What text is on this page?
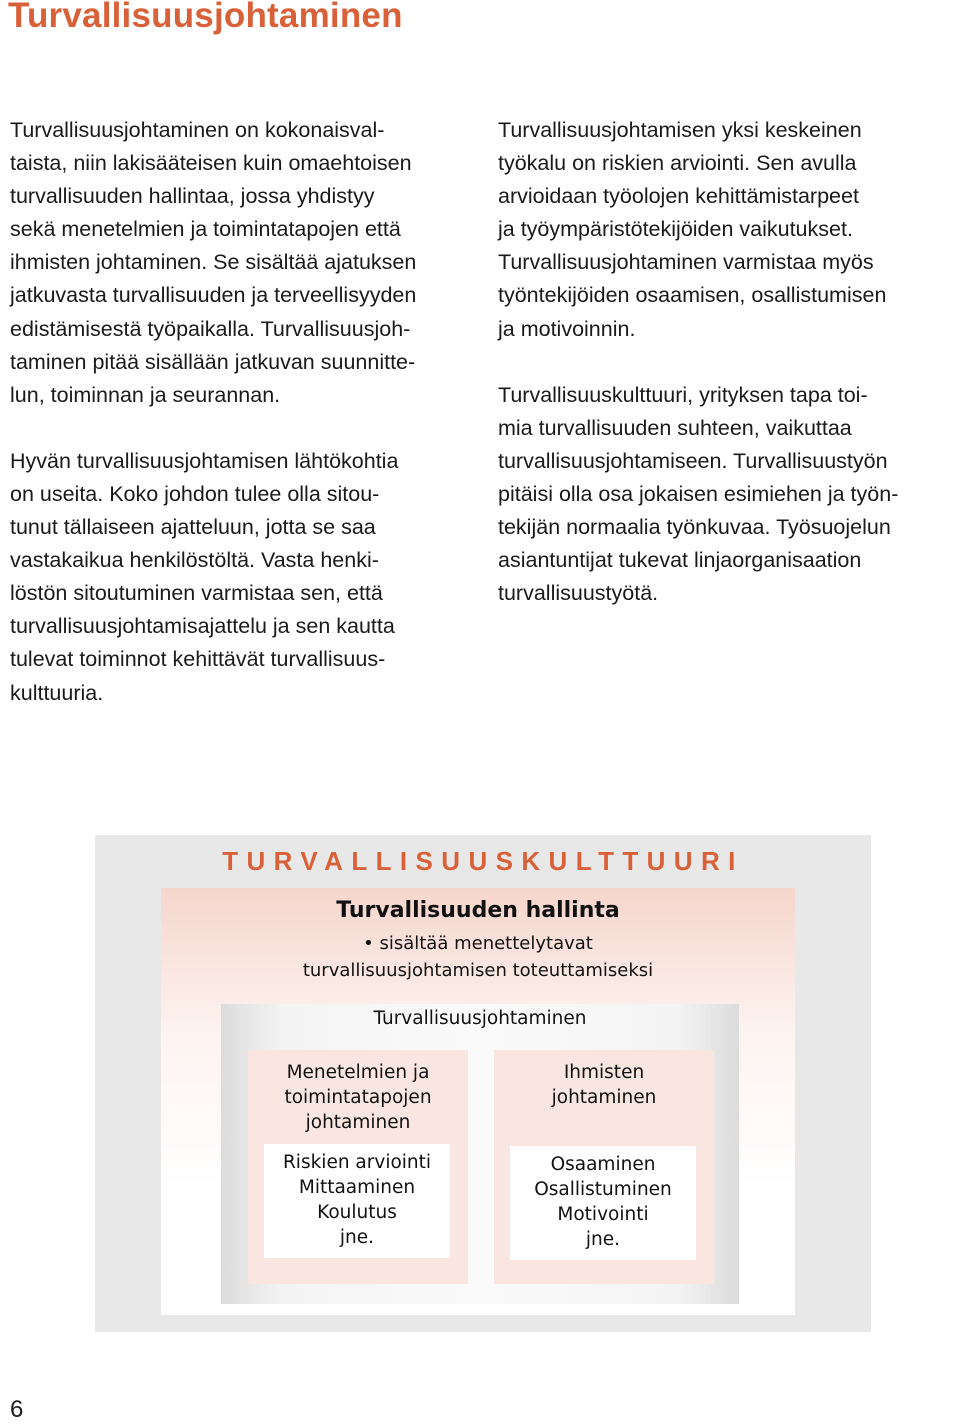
Turvallisuusjohtaminen

Turvallisuusjohtaminen on kokonaisval-
taista, niin lakisääteisen kuin omaehtoisen
turvallisuuden hallintaa, jossa yhdistyy
sekä menetelmien ja toimintatapojen että
ihmisten johtaminen. Se sisältää ajatuksen
jatkuvasta turvallisuuden ja terveellisyyden
edistämisestä työpaikalla. Turvallisuusjoh-
taminen pitää sisällään jatkuvan suunnitte-
lun, toiminnan ja seurannan.

Hyvän turvallisuusjohtamisen lähtökohtia
on useita. Koko johdon tulee olla sitou-
tunut tällaiseen ajatteluun, jotta se saa
vastakaikua henkilöstöltä. Vasta henki-
löstön sitoutuminen varmistaa sen, että
turvallisuusjohtamisajattelu ja sen kautta
tulevat toiminnot kehittävät turvallisuus-
kulttuuria.

Turvallisuusjohtamisen yksi keskeinen
työkalu on riskien arviointi. Sen avulla
arvioidaan työolojen kehittämistarpeet
ja työympäristötekijöiden vaikutukset.
Turvallisuusjohtaminen varmistaa myös
työntekijöiden osaamisen, osallistumisen
ja motivoinnin.

Turvallisuuskulttuuri, yrityksen tapa toi-
mia turvallisuuden suhteen, vaikuttaa
turvallisuusjohtamiseen. Turvallisuustyön
pitäisi olla osa jokaisen esimiehen ja työn-
tekijän normaalia työnkuvaa. Työsuojelun
asiantuntijat tukevat linjaorganisaation
turvallisuustyötä.

TURVALLISUUSKULTTUURI
Turvallisuuden hallinta
• sisältää menettelytavat
turvallisuusjohtamisen toteuttamiseksi
Turvallisuusjohtaminen
Menetelmien ja
toimintatapojen
johtaminen
Riskien arviointi
Mittaaminen
Koulutus
jne.
Ihmisten
johtaminen
Osaaminen
Osallistuminen
Motivointi
jne.
6
